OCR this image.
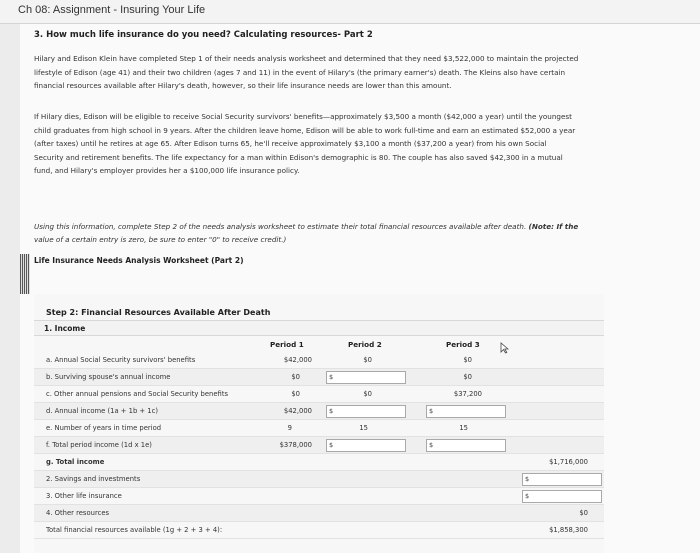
Ch 08: Assignment - Insuring Your Life
3. How much life insurance do you need? Calculating resources- Part 2
Hilary and Edison Klein have completed Step 1 of their needs analysis worksheet and determined that they need $3,522,000 to maintain the projected
lifestyle of Edison (age 41) and their two children (ages 7 and 11) in the event of Hilary's (the primary earner's) death. The Kleins also have certain
financial resources available after Hilary's death, however, so their life insurance needs are lower than this amount.
If Hilary dies, Edison will be eligible to receive Social Security survivors' benefits—approximately $3,500 a month ($42,000 a year) until the youngest
child graduates from high school in 9 years. After the children leave home, Edison will be able to work full-time and earn an estimated $52,000 a year
(after taxes) until he retires at age 65. After Edison turns 65, he'll receive approximately $3,100 a month ($37,200 a year) from his own Social
Security and retirement benefits. The life expectancy for a man within Edison's demographic is 80. The couple has also saved $42,300 in a mutual
fund, and Hilary's employer provides her a $100,000 life insurance policy.
Using this information, complete Step 2 of the needs analysis worksheet to estimate their total financial resources available after death. (Note: If the
value of a certain entry is zero, be sure to enter "0" to receive credit.)
Life Insurance Needs Analysis Worksheet (Part 2)
Step 2: Financial Resources Available After Death
1. Income
Period 1	Period 2	Period 3
a. Annual Social Security survivors' benefits	$42,000	$0	$0
b. Surviving spouse's annual income	$0	$	$0
c. Other annual pensions and Social Security benefits	$0	$0	$37,200
d. Annual income (1a + 1b + 1c)	$42,000	$	$
e. Number of years in time period	9	15	15
f. Total period income (1d x 1e)	$378,000	$	$
g. Total income	$1,716,000
2. Savings and investments	$
3. Other life insurance	$
4. Other resources	$0
Total financial resources available (1g + 2 + 3 + 4):	$1,858,300
